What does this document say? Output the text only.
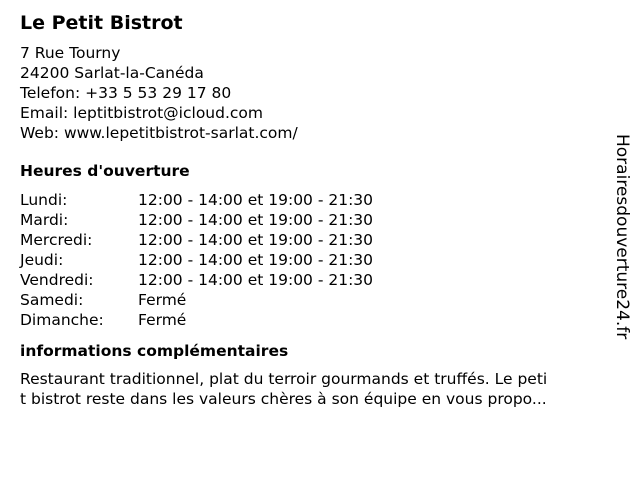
Le Petit Bistrot
7 Rue Tourny
24200 Sarlat-la-Canéda
Telefon: +33 5 53 29 17 80
Email: leptitbistrot@icloud.com
Web: www.lepetitbistrot-sarlat.com/
Heures d'ouverture
Lundi:	12:00 - 14:00 et 19:00 - 21:30
Mardi:	12:00 - 14:00 et 19:00 - 21:30
Mercredi:	12:00 - 14:00 et 19:00 - 21:30
Jeudi:	12:00 - 14:00 et 19:00 - 21:30
Vendredi:	12:00 - 14:00 et 19:00 - 21:30
Samedi:	Fermé
Dimanche:	Fermé
informations complémentaires
Restaurant traditionnel, plat du terroir gourmands et truffés. Le peti
t bistrot reste dans les valeurs chères à son équipe en vous propo...
Horairesdouverture24.fr
